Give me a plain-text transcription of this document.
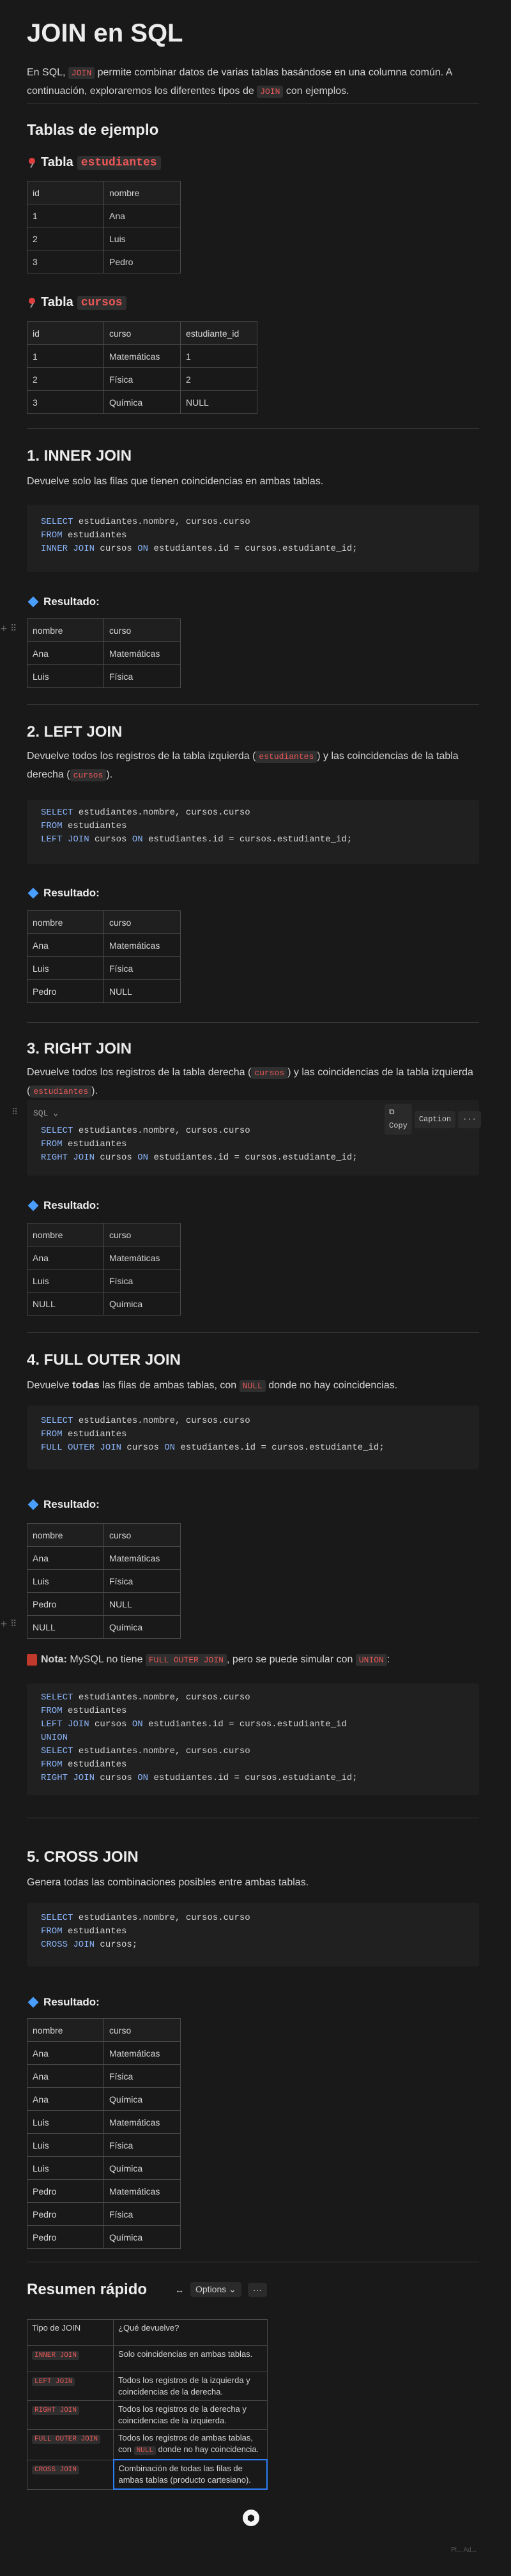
JOIN en SQL
En SQL, JOIN permite combinar datos de varias tablas basándose en una columna común. A continuación, exploraremos los diferentes tipos de JOIN con ejemplos.
Tablas de ejemplo
Tabla estudiantes
id	nombre
1	Ana
2	Luis
3	Pedro
Tabla cursos
id	curso	estudiante_id
1	Matemáticas	1
2	Física	2
3	Química	NULL
1. INNER JOIN
Devuelve solo las filas que tienen coincidencias en ambas tablas.
SELECT estudiantes.nombre, cursos.curso
FROM estudiantes
INNER JOIN cursos ON estudiantes.id = cursos.estudiante_id;
Resultado:
+ ⠿ nombre	curso
Ana	Matemáticas
Luis	Física
2. LEFT JOIN
Devuelve todos los registros de la tabla izquierda ( estudiantes ) y las coincidencias de la tabla derecha ( cursos ).
SELECT estudiantes.nombre, cursos.curso
FROM estudiantes
LEFT JOIN cursos ON estudiantes.id = cursos.estudiante_id;
Resultado:
nombre	curso
Ana	Matemáticas
Luis	Física
Pedro	NULL
3. RIGHT JOIN
Devuelve todos los registros de la tabla derecha ( cursos ) y las coincidencias de la tabla izquierda ( estudiantes ).
⠿ SQL ⌄	⧉ Copy
Caption	···
SELECT estudiantes.nombre, cursos.curso
FROM estudiantes
RIGHT JOIN cursos ON estudiantes.id = cursos.estudiante_id;
Resultado:
nombre	curso
Ana	Matemáticas
Luis	Física
NULL	Química
4. FULL OUTER JOIN
Devuelve todas las filas de ambas tablas, con NULL donde no hay coincidencias.
SELECT estudiantes.nombre, cursos.curso
FROM estudiantes
FULL OUTER JOIN cursos ON estudiantes.id = cursos.estudiante_id;
Resultado:
+ ⠿
nombre	curso
Ana	Matemáticas
Luis	Física
Pedro	NULL
NULL	Química
Nota: MySQL no tiene FULL OUTER JOIN , pero se puede simular con UNION :
SELECT estudiantes.nombre, cursos.curso
FROM estudiantes
LEFT JOIN cursos ON estudiantes.id = cursos.estudiante_id
UNION
SELECT estudiantes.nombre, cursos.curso
FROM estudiantes
RIGHT JOIN cursos ON estudiantes.id = cursos.estudiante_id;
5. CROSS JOIN
Genera todas las combinaciones posibles entre ambas tablas.
SELECT estudiantes.nombre, cursos.curso
FROM estudiantes
CROSS JOIN cursos;
Resultado:
nombre	curso
Ana	Matemáticas
Ana	Física
Ana	Química
Luis	Matemáticas
Luis	Física
Luis	Química
Pedro	Matemáticas
Pedro	Física
Pedro	Química
Resumen rápido	↔	Options ⌄	···
Tipo de JOIN	¿Qué devuelve?
INNER JOIN	Solo coincidencias en ambas tablas.
LEFT JOIN	Todos los registros de la izquierda y coincidencias de la derecha.
RIGHT JOIN	Todos los registros de la derecha y coincidencias de la izquierda.
FULL OUTER JOIN	Todos los registros de ambas tablas, con NULL donde no hay coincidencia.
CROSS JOIN	Combinación de todas las filas de ambas tablas (producto cartesiano).
⬢
Pl... Ad...
